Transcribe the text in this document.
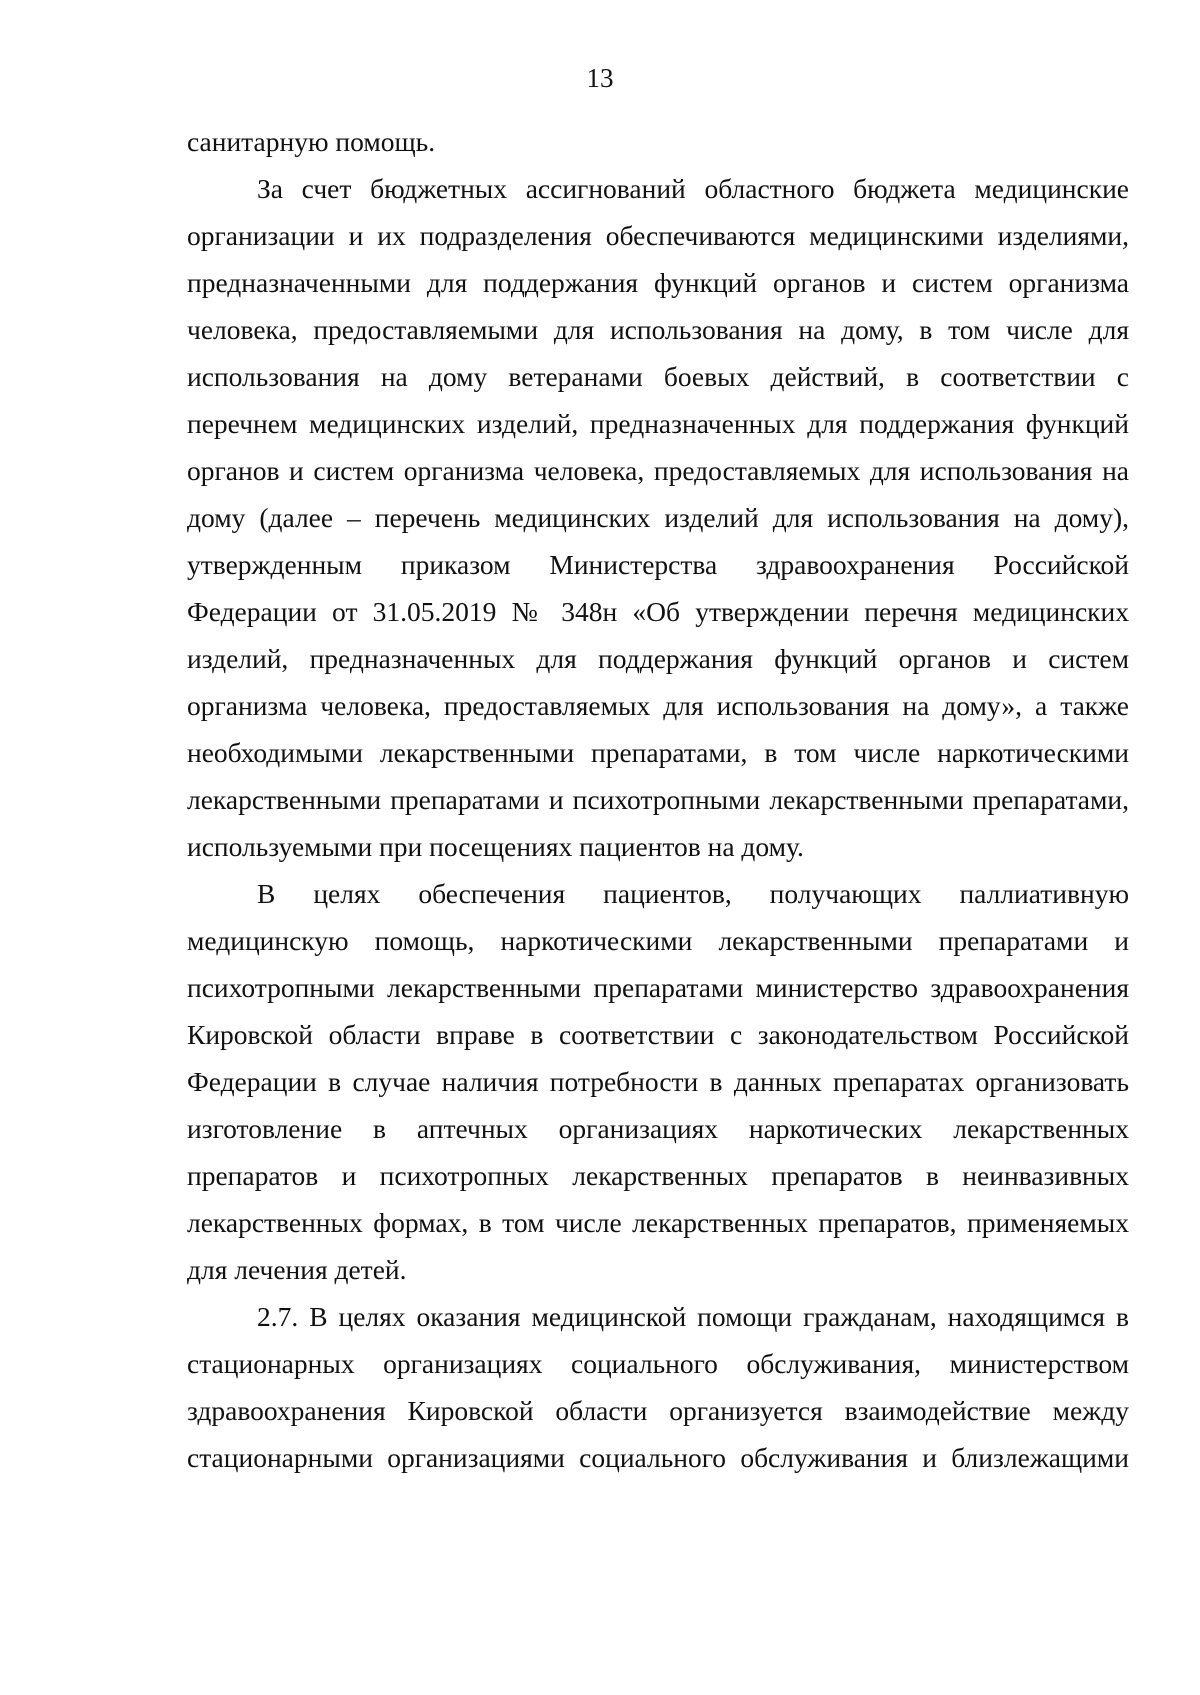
13

санитарную помощь.

За счет бюджетных ассигнований областного бюджета медицинские организации и их подразделения обеспечиваются медицинскими изделиями, предназначенными для поддержания функций органов и систем организма человека, предоставляемыми для использования на дому, в том числе для использования на дому ветеранами боевых действий, в соответствии с перечнем медицинских изделий, предназначенных для поддержания функций органов и систем организма человека, предоставляемых для использования на дому (далее – перечень медицинских изделий для использования на дому), утвержденным приказом Министерства здравоохранения Российской Федерации от 31.05.2019 № 348н «Об утверждении перечня медицинских изделий, предназначенных для поддержания функций органов и систем организма человека, предоставляемых для использования на дому», а также необходимыми лекарственными препаратами, в том числе наркотическими лекарственными препаратами и психотропными лекарственными препаратами, используемыми при посещениях пациентов на дому.

В целях обеспечения пациентов, получающих паллиативную медицинскую помощь, наркотическими лекарственными препаратами и психотропными лекарственными препаратами министерство здравоохранения Кировской области вправе в соответствии с законодательством Российской Федерации в случае наличия потребности в данных препаратах организовать изготовление в аптечных организациях наркотических лекарственных препаратов и психотропных лекарственных препаратов в неинвазивных лекарственных формах, в том числе лекарственных препаратов, применяемых для лечения детей.

2.7. В целях оказания медицинской помощи гражданам, находящимся в стационарных организациях социального обслуживания, министерством здравоохранения Кировской области организуется взаимодействие между стационарными организациями социального обслуживания и близлежащими
